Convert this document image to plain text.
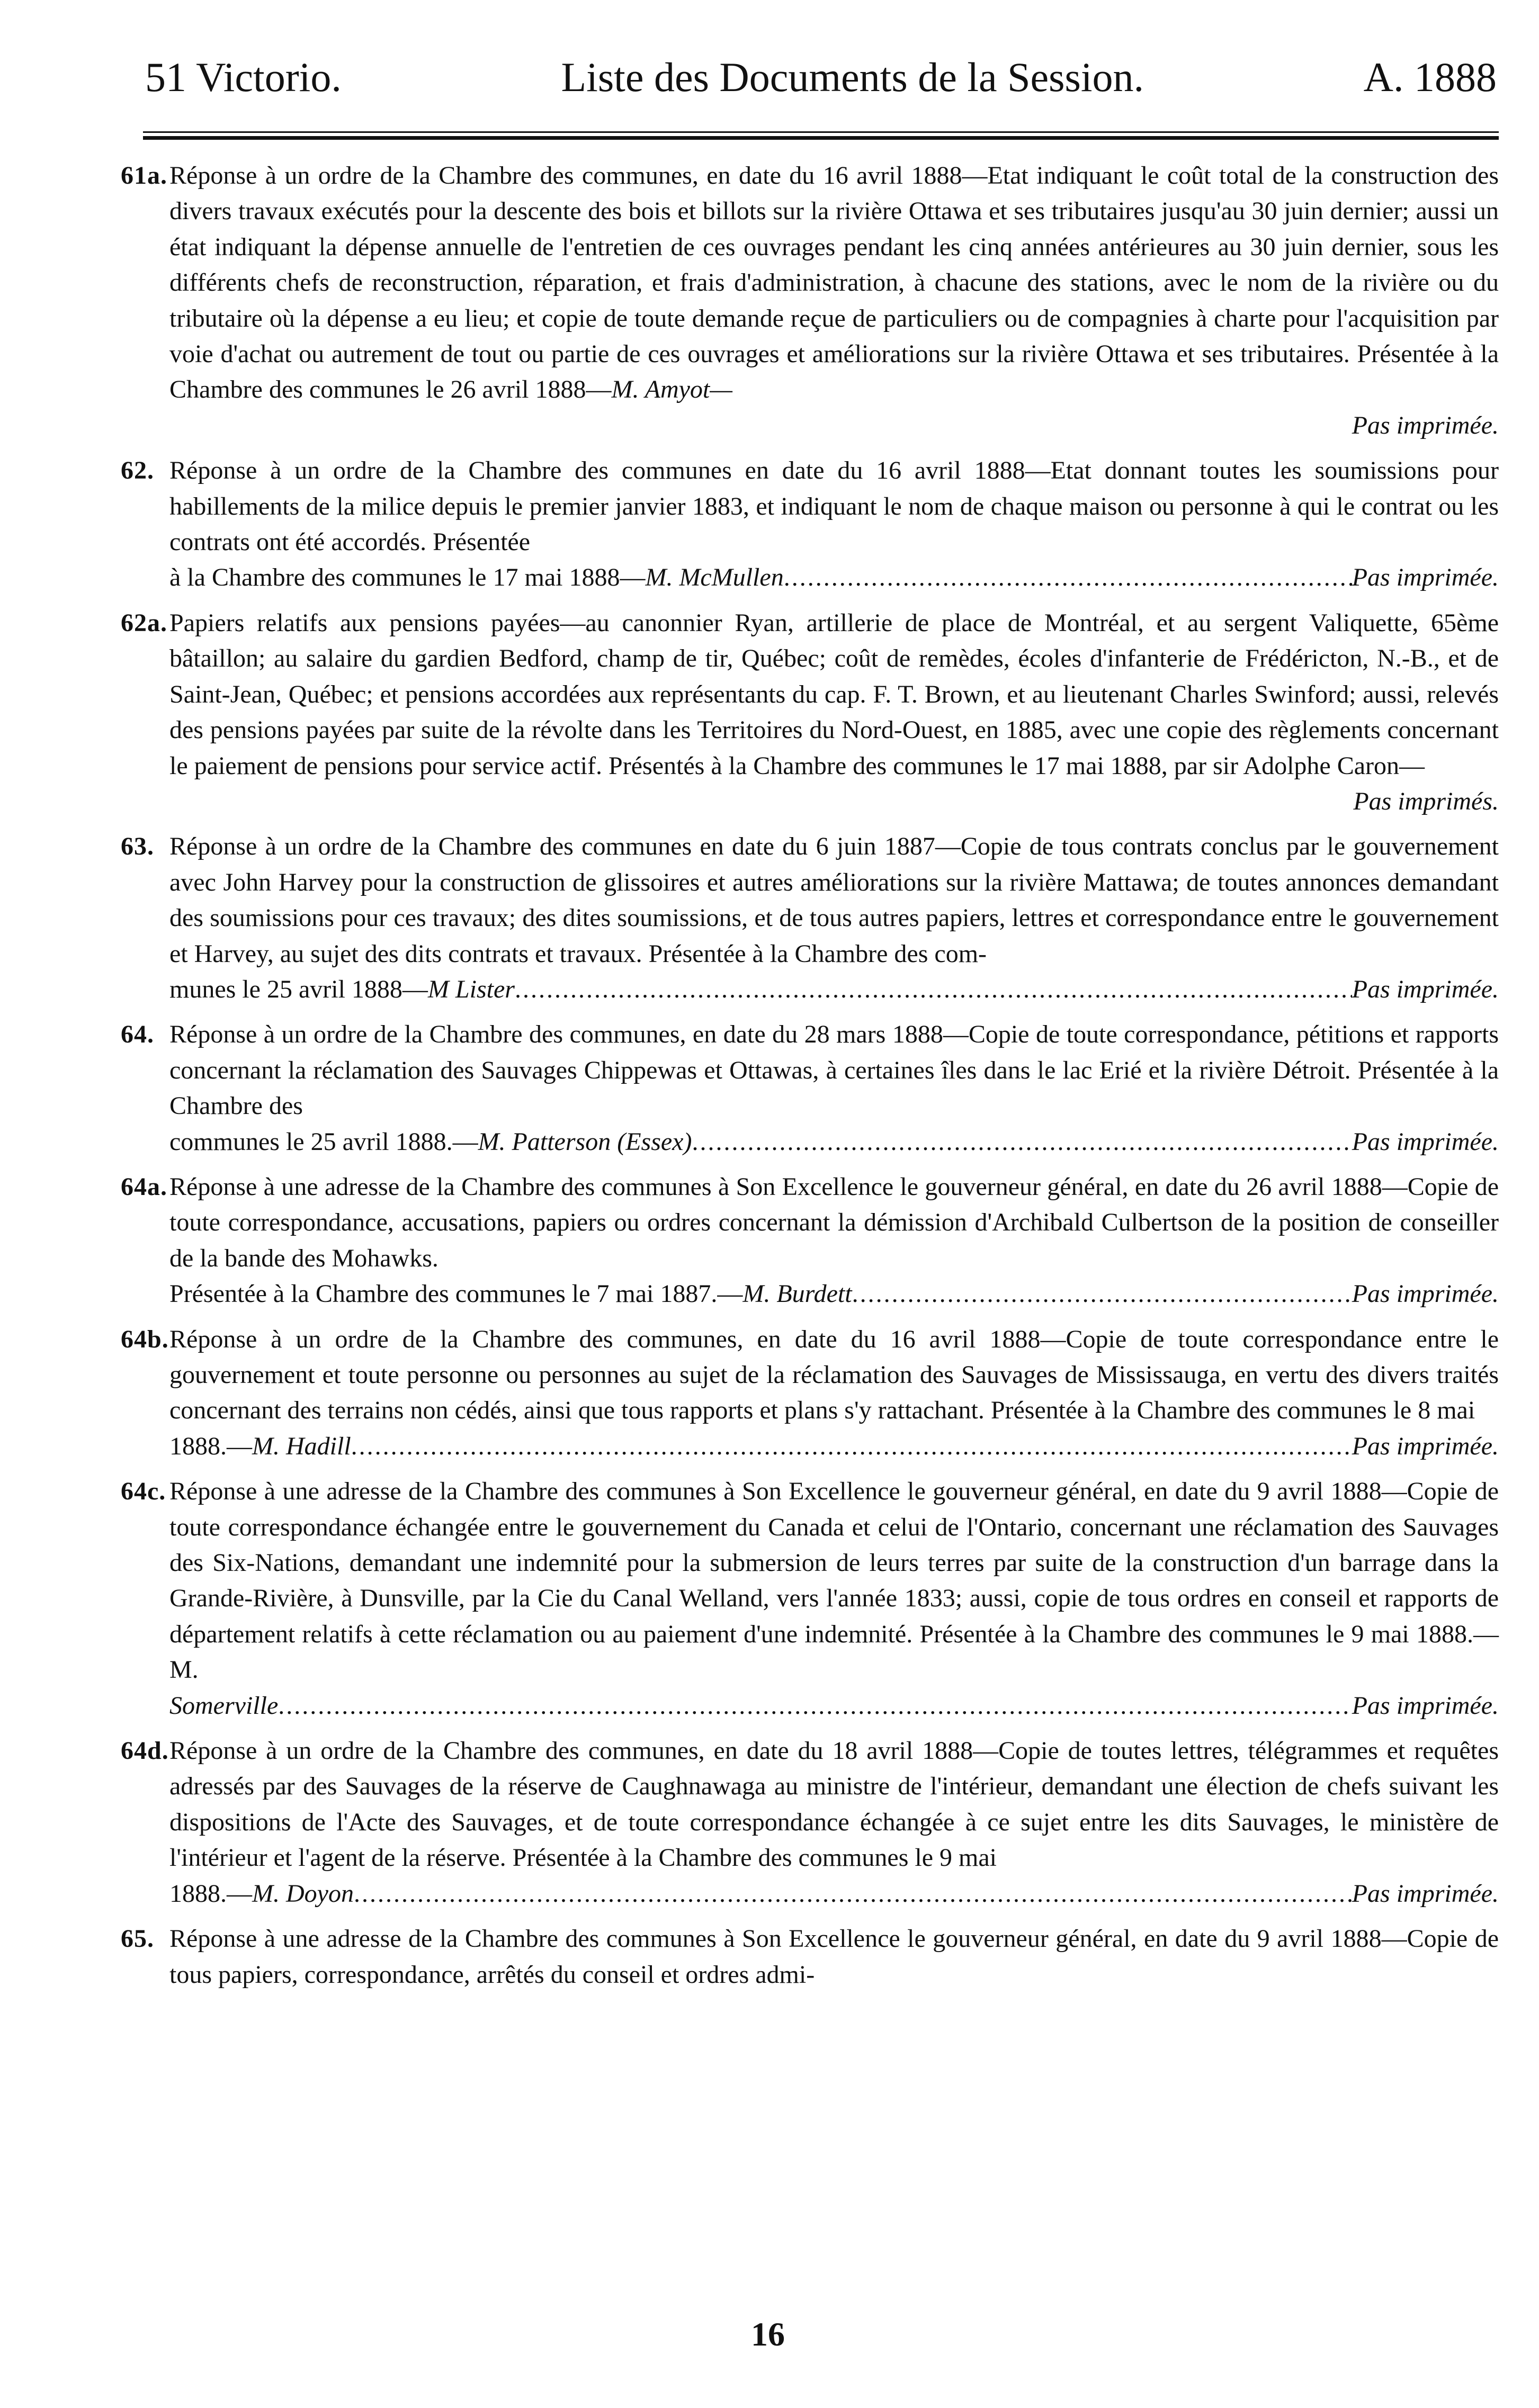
51 Victorio.	Liste des Documents de la Session.	A. 1888
61a. Réponse à un ordre de la Chambre des communes, en date du 16 avril 1888—Etat indiquant le coût total de la construction des divers travaux exécutés pour la descente des bois et billots sur la rivière Ottawa et ses tributaires jusqu'au 30 juin dernier; aussi un état indiquant la dépense annuelle de l'entretien de ces ouvrages pendant les cinq années antérieures au 30 juin dernier, sous les différents chefs de reconstruction, réparation, et frais d'administration, à chacune des stations, avec le nom de la rivière ou du tributaire où la dépense a eu lieu; et copie de toute demande reçue de particuliers ou de compagnies à charte pour l'acquisition par voie d'achat ou autrement de tout ou partie de ces ouvrages et améliorations sur la rivière Ottawa et ses tributaires. Présentée à la Chambre des communes le 26 avril 1888—M. Amyot—
Pas imprimée.
62. Réponse à un ordre de la Chambre des communes en date du 16 avril 1888—Etat donnant toutes les soumissions pour habillements de la milice depuis le premier janvier 1883, et indiquant le nom de chaque maison ou personne à qui le contrat ou les contrats ont été accordés. Présentée
à la Chambre des communes le 17 mai 1888— M. McMullen .....	Pas imprimée.
62a. Papiers relatifs aux pensions payées—au canonnier Ryan, artillerie de place de Montréal, et au sergent Valiquette, 65ème bâtaillon; au salaire du gardien Bedford, champ de tir, Québec; coût de remèdes, écoles d'infanterie de Frédéricton, N.-B., et de Saint-Jean, Québec; et pensions accordées aux représentants du cap. F. T. Brown, et au lieutenant Charles Swinford; aussi, relevés des pensions payées par suite de la révolte dans les Territoires du Nord-Ouest, en 1885, avec une copie des règlements concernant le paiement de pensions pour service actif. Présentés à la Chambre des communes le 17 mai 1888, par sir Adolphe Caron—
Pas imprimés.
63. Réponse à un ordre de la Chambre des communes en date du 6 juin 1887—Copie de tous contrats conclus par le gouvernement avec John Harvey pour la construction de glissoires et autres améliorations sur la rivière Mattawa; de toutes annonces demandant des soumissions pour ces travaux; des dites soumissions, et de tous autres papiers, lettres et correspondance entre le gouvernement et Harvey, au sujet des dits contrats et travaux. Présentée à la Chambre des com-
munes le 25 avril 1888— M Lister .....	Pas imprimée.
64. Réponse à un ordre de la Chambre des communes, en date du 28 mars 1888—Copie de toute correspondance, pétitions et rapports concernant la réclamation des Sauvages Chippewas et Ottawas, à certaines îles dans le lac Erié et la rivière Détroit. Présentée à la Chambre des
communes le 25 avril 1888.— M. Patterson (Essex) .....	Pas imprimée.
64a. Réponse à une adresse de la Chambre des communes à Son Excellence le gouverneur général, en date du 26 avril 1888—Copie de toute correspondance, accusations, papiers ou ordres concernant la démission d'Archibald Culbertson de la position de conseiller de la bande des Mohawks.
Présentée à la Chambre des communes le 7 mai 1887.— M. Burdett .....	Pas imprimée.
64b. Réponse à un ordre de la Chambre des communes, en date du 16 avril 1888—Copie de toute correspondance entre le gouvernement et toute personne ou personnes au sujet de la réclamation des Sauvages de Mississauga, en vertu des divers traités concernant des terrains non cédés, ainsi que tous rapports et plans s'y rattachant. Présentée à la Chambre des communes le 8 mai
1888.— M. Hadill .....	Pas imprimée.
64c. Réponse à une adresse de la Chambre des communes à Son Excellence le gouverneur général, en date du 9 avril 1888—Copie de toute correspondance échangée entre le gouvernement du Canada et celui de l'Ontario, concernant une réclamation des Sauvages des Six-Nations, demandant une indemnité pour la submersion de leurs terres par suite de la construction d'un barrage dans la Grande-Rivière, à Dunsville, par la Cie du Canal Welland, vers l'année 1833; aussi, copie de tous ordres en conseil et rapports de département relatifs à cette réclamation ou au paiement d'une indemnité. Présentée à la Chambre des communes le 9 mai 1888.—M.
Somerville .....	Pas imprimée.
64d. Réponse à un ordre de la Chambre des communes, en date du 18 avril 1888—Copie de toutes lettres, télégrammes et requêtes adressés par des Sauvages de la réserve de Caughnawaga au ministre de l'intérieur, demandant une élection de chefs suivant les dispositions de l'Acte des Sauvages, et de toute correspondance échangée à ce sujet entre les dits Sauvages, le ministère de l'intérieur et l'agent de la réserve. Présentée à la Chambre des communes le 9 mai
1888.— M. Doyon .....	Pas imprimée.
65. Réponse à une adresse de la Chambre des communes à Son Excellence le gouverneur général, en date du 9 avril 1888—Copie de tous papiers, correspondance, arrêtés du conseil et ordres admi-
16
